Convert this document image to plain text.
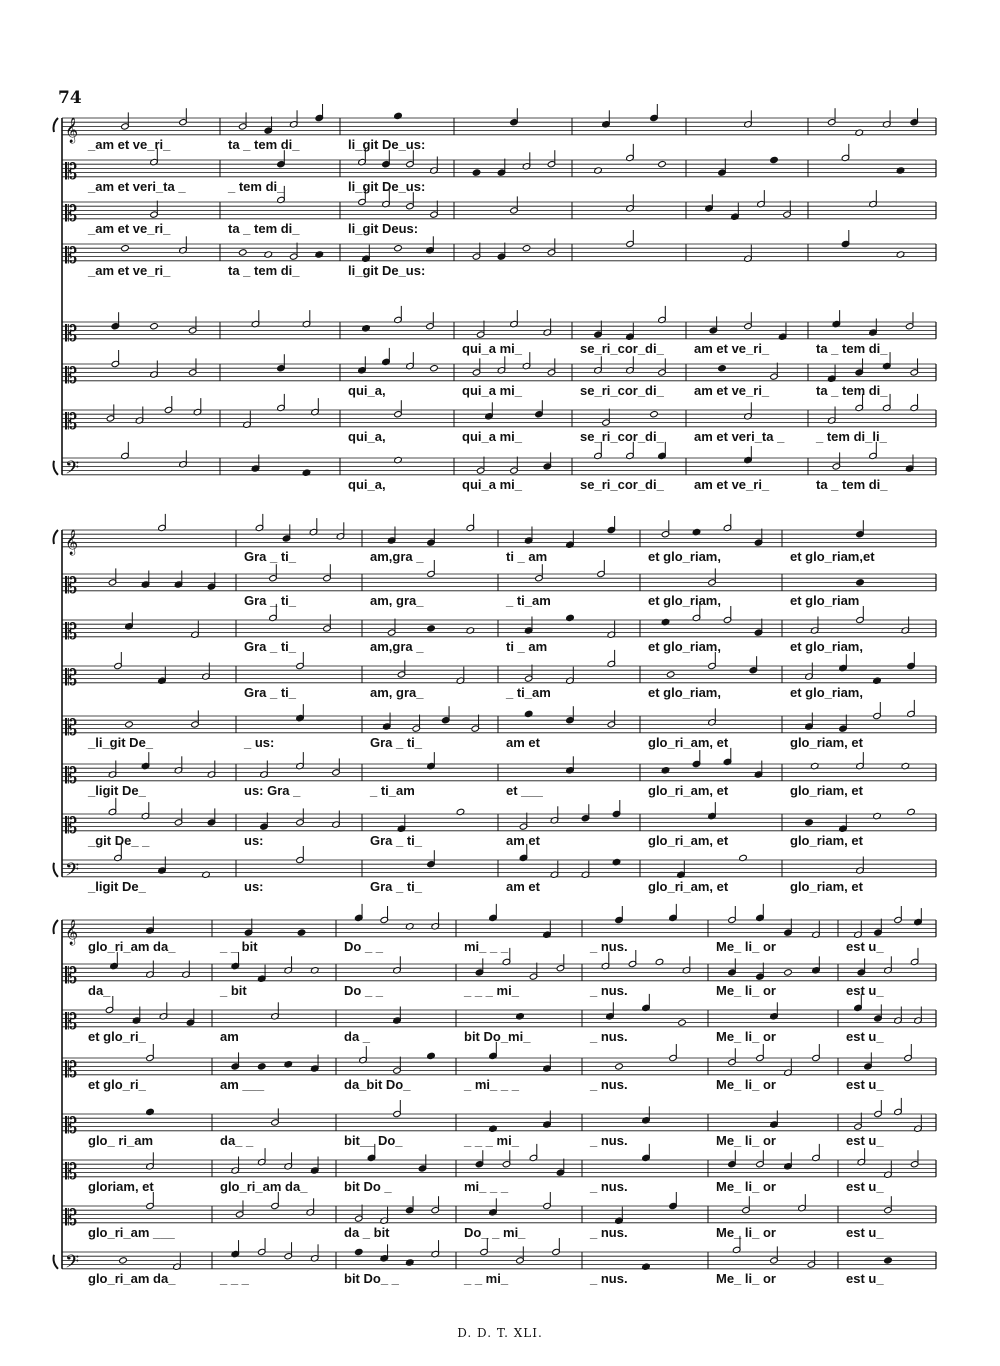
74
𝄞
_am et ve_ri_	ta _ tem di_	li_git De_us:
𝄡
_am et veri_ta _	_ tem di_	li_git De_us:
𝄡
_am et ve_ri_	ta _ tem di_	li_git Deus:
𝄡
_am et ve_ri_	ta _ tem di_	li_git De_us:
𝄡
qui_a mi_	se_ri_cor_di_ am et ve_ri_	ta _ tem di_
𝄡
qui_a,	qui_a mi_	se_ri_cor_di_ am et ve_ri_	ta _ tem di_
𝄡
qui_a,	qui_a mi_	se_ri_cor_di_ am et veri_ta _ _ tem di_li_
𝄢
qui_a,	qui_a mi_	se_ri_cor_di_ am et ve_ri_	ta _ tem di_
𝄞
Gra _ ti_	am,gra _	ti _ am	et glo_riam,	et glo_riam,et
𝄡
Gra _ ti_	am, gra_	_ ti_am	et glo_riam,	et glo_riam
𝄡
Gra _ ti_	am,gra _	ti _ am	et glo_riam,	et glo_riam,
𝄡
Gra _ ti_	am, gra_	_ ti_am	et glo_riam,	et glo_riam,
𝄡
_li_git De_	_ us:	Gra _ ti_	am et	glo_ri_am, et	glo_riam, et
𝄡
_ligit De_	us: Gra _	_ ti_am	et ___	glo_ri_am, et	glo_riam, et
𝄡
_git De_ _	us:	Gra _ ti_	am et	glo_ri_am, et	glo_riam, et
𝄢
_ligit De_	us:	Gra _ ti_	am et	glo_ri_am, et	glo_riam, et
𝄞
glo_ri_am da_	_ _ bit	Do _ _	mi_ _ _	_ nus.	Me_ li_ or	est u_
𝄡
da_	_ bit	Do _ _	_ _ _ mi_	_ nus.	Me_ li_ or	est u_
𝄡
et glo_ri_	am	da _	bit Do_mi_	_ nus.	Me_ li_ or	est u_
𝄡
et glo_ri_	am ___	da_bit Do_	_ mi_ _ _	_ nus.	Me_ li_ or	est u_
𝄡
glo_ ri_am	da_ _	bit__ Do_	_ _ _ mi_	_ nus.	Me_ li_ or	est u_
𝄡
gloriam, et	glo_ri_am da_	bit Do _	mi_ _ _	_ nus.	Me_ li_ or	est u_
𝄡
glo_ri_am ___	da _ bit	Do_ _ mi_	_ nus.	Me_ li_ or	est u_
𝄢
glo_ri_am da_	_ _ _	bit Do_ _	_ _ mi_	_ nus.	Me_ li_ or	est u_
D. D. T. XLI.
